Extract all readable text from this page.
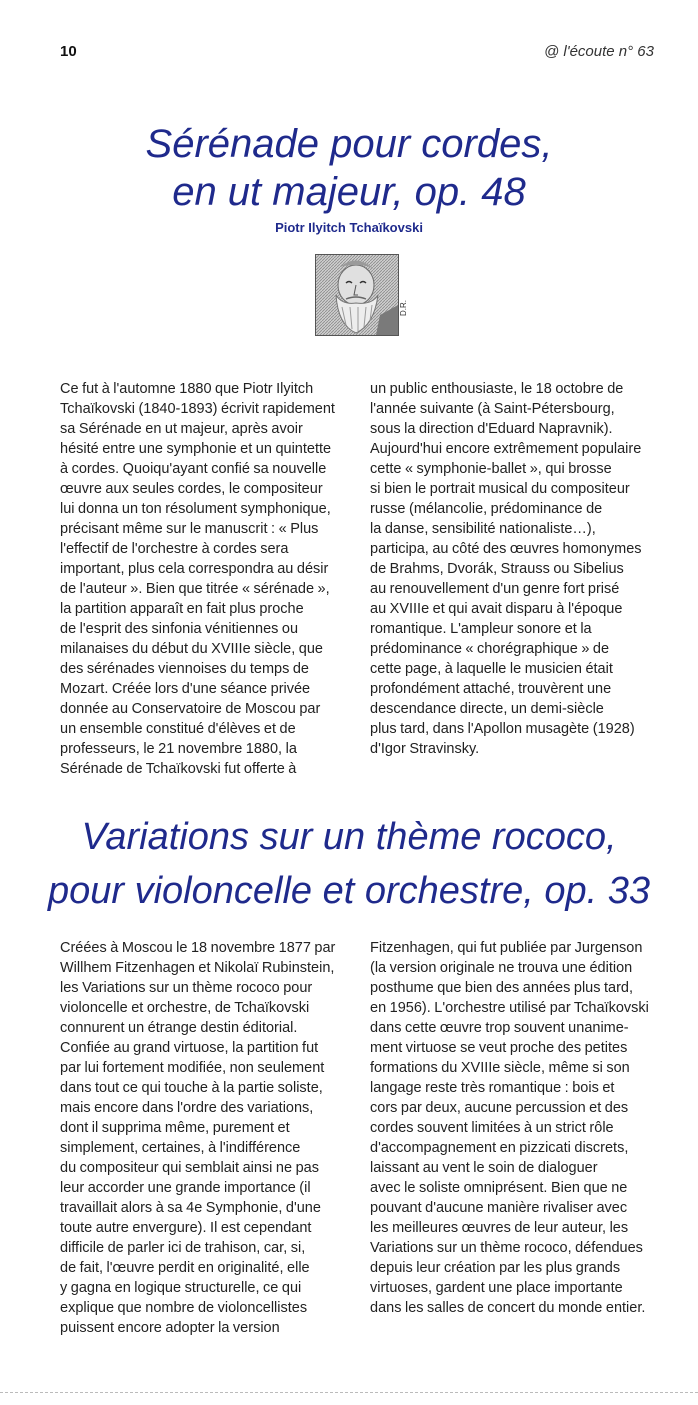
10	@ l'écoute n° 63
Sérénade pour cordes,
en ut majeur, op. 48
Piotr Ilyitch Tchaïkovski
D.R.
Ce fut à l'automne 1880 que Piotr Ilyitch
Tchaïkovski (1840-1893) écrivit rapidement
sa Sérénade en ut majeur, après avoir
hésité entre une symphonie et un quintette
à cordes. Quoiqu'ayant confié sa nouvelle
œuvre aux seules cordes, le compositeur
lui donna un ton résolument symphonique,
précisant même sur le manuscrit : « Plus
l'effectif de l'orchestre à cordes sera
important, plus cela correspondra au désir
de l'auteur ». Bien que titrée « sérénade »,
la partition apparaît en fait plus proche
de l'esprit des sinfonia vénitiennes ou
milanaises du début du XVIIIe siècle, que
des sérénades viennoises du temps de
Mozart. Créée lors d'une séance privée
donnée au Conservatoire de Moscou par
un ensemble constitué d'élèves et de
professeurs, le 21 novembre 1880, la
Sérénade de Tchaïkovski fut offerte à
un public enthousiaste, le 18 octobre de
l'année suivante (à Saint-Pétersbourg,
sous la direction d'Eduard Napravnik).
Aujourd'hui encore extrêmement populaire
cette « symphonie-ballet », qui brosse
si bien le portrait musical du compositeur
russe (mélancolie, prédominance de
la danse, sensibilité nationaliste…),
participa, au côté des œuvres homonymes
de Brahms, Dvorák, Strauss ou Sibelius
au renouvellement d'un genre fort prisé
au XVIIIe et qui avait disparu à l'époque
romantique. L'ampleur sonore et la
prédominance « chorégraphique » de
cette page, à laquelle le musicien était
profondément attaché, trouvèrent une
descendance directe, un demi-siècle
plus tard, dans l'Apollon musagète (1928)
d'Igor Stravinsky.
Variations sur un thème rococo,
pour violoncelle et orchestre, op. 33
Créées à Moscou le 18 novembre 1877 par
Willhem Fitzenhagen et Nikolaï Rubinstein,
les Variations sur un thème rococo pour
violoncelle et orchestre, de Tchaïkovski
connurent un étrange destin éditorial.
Confiée au grand virtuose, la partition fut
par lui fortement modifiée, non seulement
dans tout ce qui touche à la partie soliste,
mais encore dans l'ordre des variations,
dont il supprima même, purement et
simplement, certaines, à l'indifférence
du compositeur qui semblait ainsi ne pas
leur accorder une grande importance (il
travaillait alors à sa 4e Symphonie, d'une
toute autre envergure). Il est cependant
difficile de parler ici de trahison, car, si,
de fait, l'œuvre perdit en originalité, elle
y gagna en logique structurelle, ce qui
explique que nombre de violoncellistes
puissent encore adopter la version
Fitzenhagen, qui fut publiée par Jurgenson
(la version originale ne trouva une édition
posthume que bien des années plus tard,
en 1956). L'orchestre utilisé par Tchaïkovski
dans cette œuvre trop souvent unanime-
ment virtuose se veut proche des petites
formations du XVIIIe siècle, même si son
langage reste très romantique : bois et
cors par deux, aucune percussion et des
cordes souvent limitées à un strict rôle
d'accompagnement en pizzicati discrets,
laissant au vent le soin de dialoguer
avec le soliste omniprésent. Bien que ne
pouvant d'aucune manière rivaliser avec
les meilleures œuvres de leur auteur, les
Variations sur un thème rococo, défendues
depuis leur création par les plus grands
virtuoses, gardent une place importante
dans les salles de concert du monde entier.
